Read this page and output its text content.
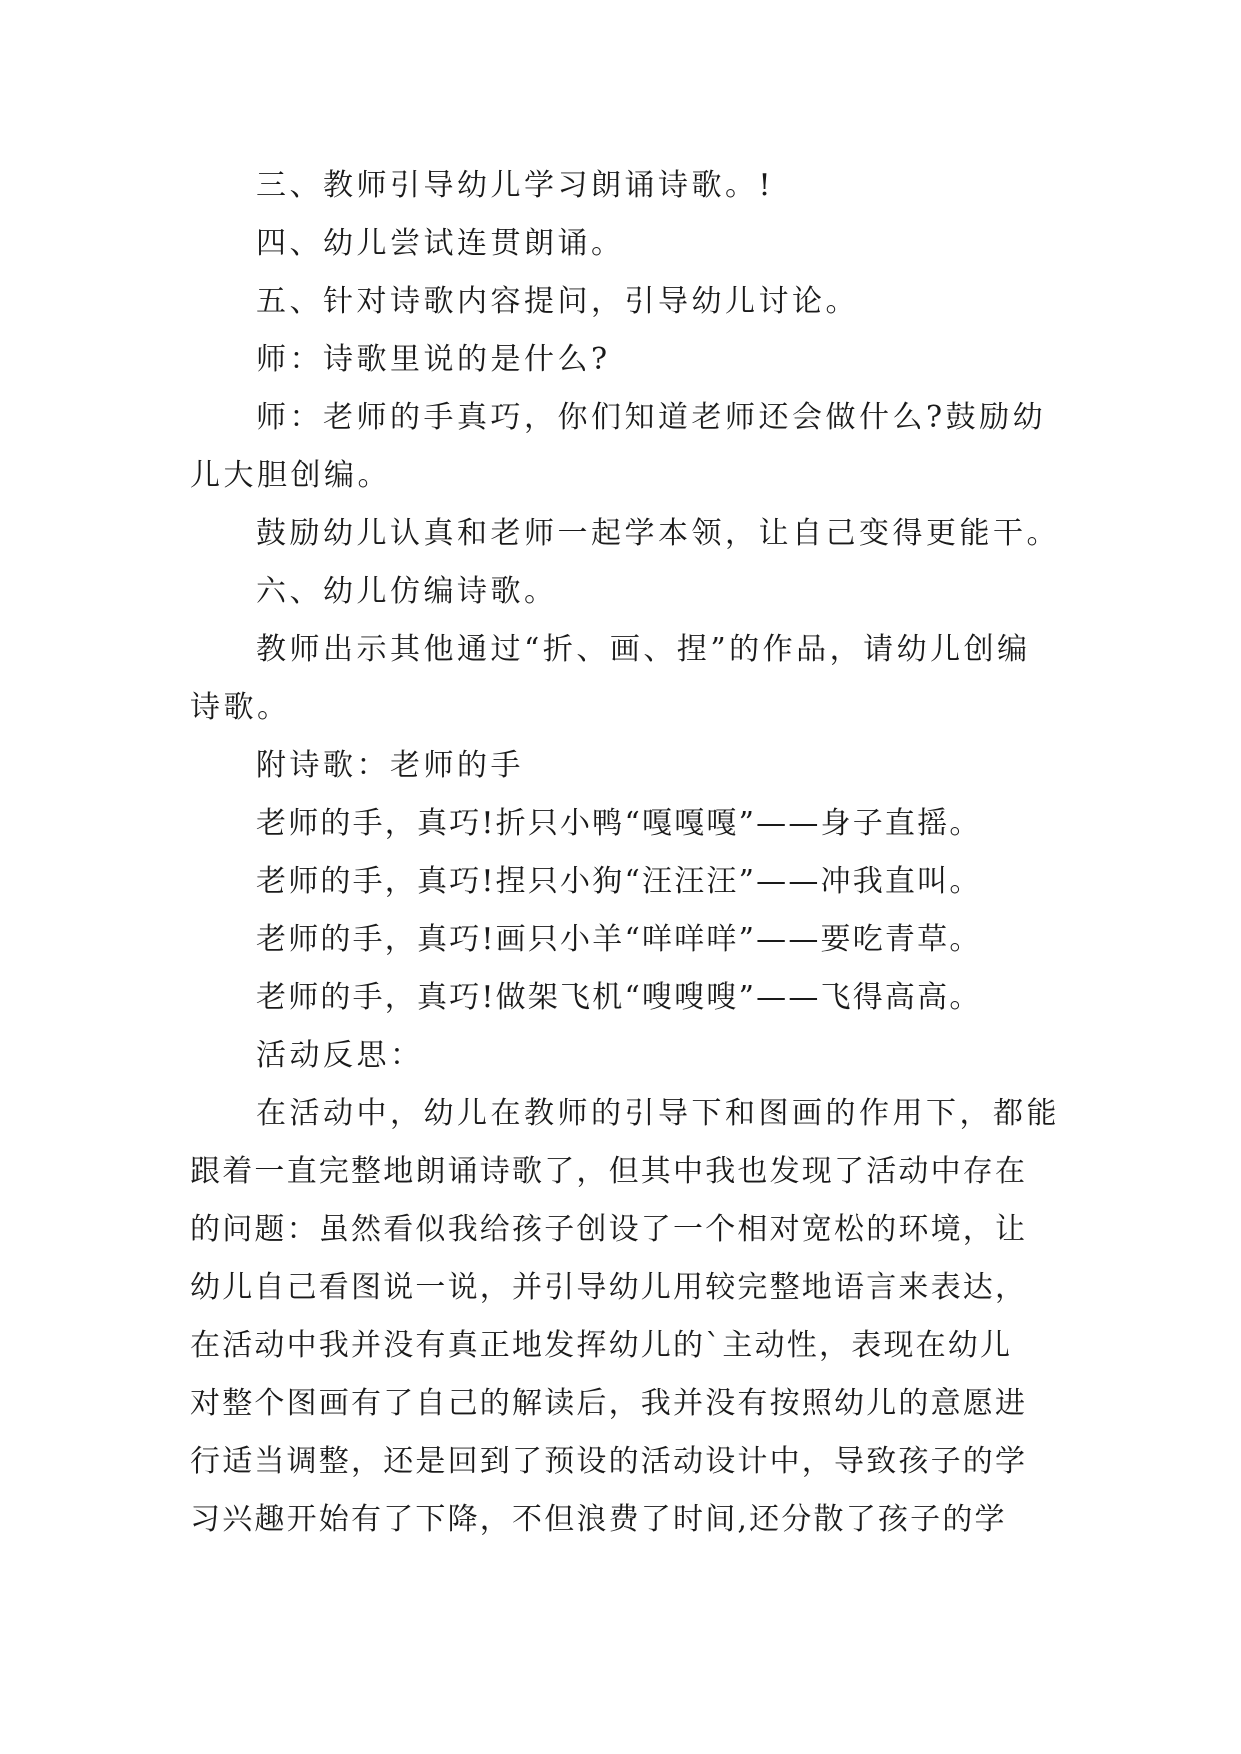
三、教师引导幼儿学习朗诵诗歌。!
四、幼儿尝试连贯朗诵。
五、针对诗歌内容提问，引导幼儿讨论。
师：诗歌里说的是什么?
师：老师的手真巧，你们知道老师还会做什么?鼓励幼
儿大胆创编。
鼓励幼儿认真和老师一起学本领，让自己变得更能干。
六、幼儿仿编诗歌。
教师出示其他通过“折、画、捏”的作品，请幼儿创编
诗歌。
附诗歌：老师的手
老师的手，真巧!折只小鸭“嘎嘎嘎”——身子直摇。
老师的手，真巧!捏只小狗“汪汪汪”——冲我直叫。
老师的手，真巧!画只小羊“咩咩咩”——要吃青草。
老师的手，真巧!做架飞机“嗖嗖嗖”——飞得高高。
活动反思：
在活动中，幼儿在教师的引导下和图画的作用下，都能
跟着一直完整地朗诵诗歌了，但其中我也发现了活动中存在
的问题：虽然看似我给孩子创设了一个相对宽松的环境，让
幼儿自己看图说一说，并引导幼儿用较完整地语言来表达，
在活动中我并没有真正地发挥幼儿的`主动性，表现在幼儿
对整个图画有了自己的解读后，我并没有按照幼儿的意愿进
行适当调整，还是回到了预设的活动设计中，导致孩子的学
习兴趣开始有了下降，不但浪费了时间,还分散了孩子的学
